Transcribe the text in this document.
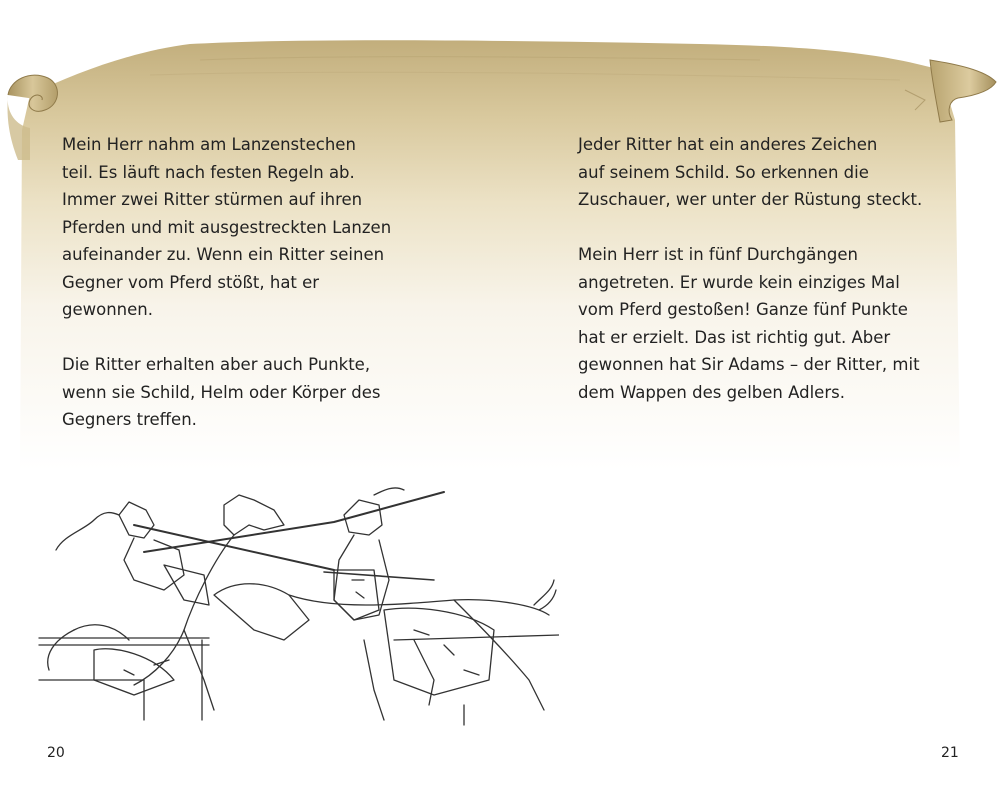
Mein Herr nahm am Lanzenstechen
teil. Es läuft nach festen Regeln ab.
Immer zwei Ritter stürmen auf ihren
Pferden und mit ausgestreckten Lanzen
aufeinander zu. Wenn ein Ritter seinen
Gegner vom Pferd stößt, hat er
gewonnen.

Die Ritter erhalten aber auch Punkte,
wenn sie Schild, Helm oder Körper des
Gegners treffen.

Jeder Ritter hat ein anderes Zeichen
auf seinem Schild. So erkennen die
Zuschauer, wer unter der Rüstung steckt.

Mein Herr ist in fünf Durchgängen
angetreten. Er wurde kein einziges Mal
vom Pferd gestoßen! Ganze fünf Punkte
hat er erzielt. Das ist richtig gut. Aber
gewonnen hat Sir Adams – der Ritter, mit
dem Wappen des gelben Adlers.

20	21
